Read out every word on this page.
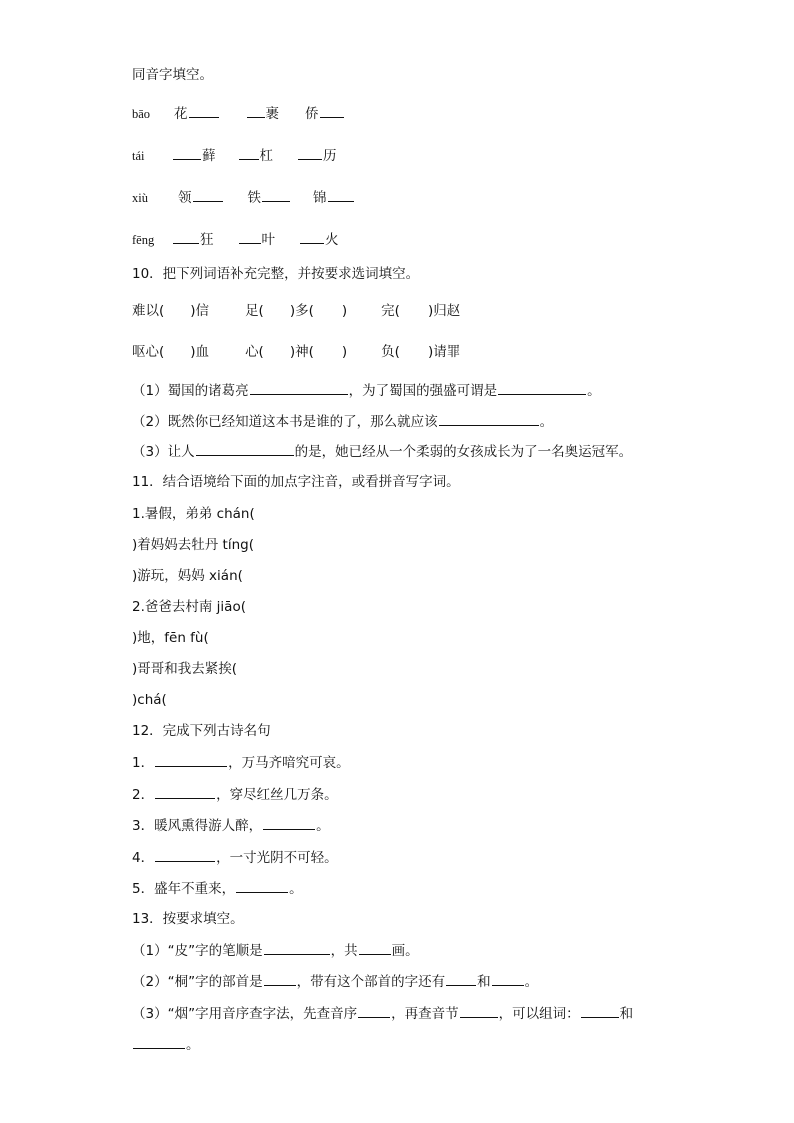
同音字填空。
bāo 花	裹 侨
tái	藓	杠	历
xiù 领	铁	锦
fēng	狂	叶	火
10．把下列词语补充完整，并按要求选词填空。
难以( )信	足( )多( )	完( )归赵
呕心( )血	心( )神( )	负( )请罪
（1）蜀国的诸葛亮	，为了蜀国的强盛可谓是	。
（2）既然你已经知道这本书是谁的了，那么就应该	。
（3）让人	的是，她已经从一个柔弱的女孩成长为了一名奥运冠军。
11．结合语境给下面的加点字注音，或看拼音写字词。
1.暑假，弟弟 chán(
)着妈妈去牡丹 tíng(
)游玩，妈妈 xián(
2.爸爸去村南 jiāo(
)地，fēn fù(
)哥哥和我去紧挨(
)chá(
12．完成下列古诗名句
1．	，万马齐喑究可哀。
2．	，穿尽红丝几万条。
3．暖风熏得游人醉，	。
4．	，一寸光阴不可轻。
5．盛年不重来，	。
13．按要求填空。
（1）“皮”字的笔顺是	，共	画。
（2）“桐”字的部首是	，带有这个部首的字还有 和	。
（3）“烟”字用音序查字法，先查音序	，再查音节	，可以组词：	和
。
